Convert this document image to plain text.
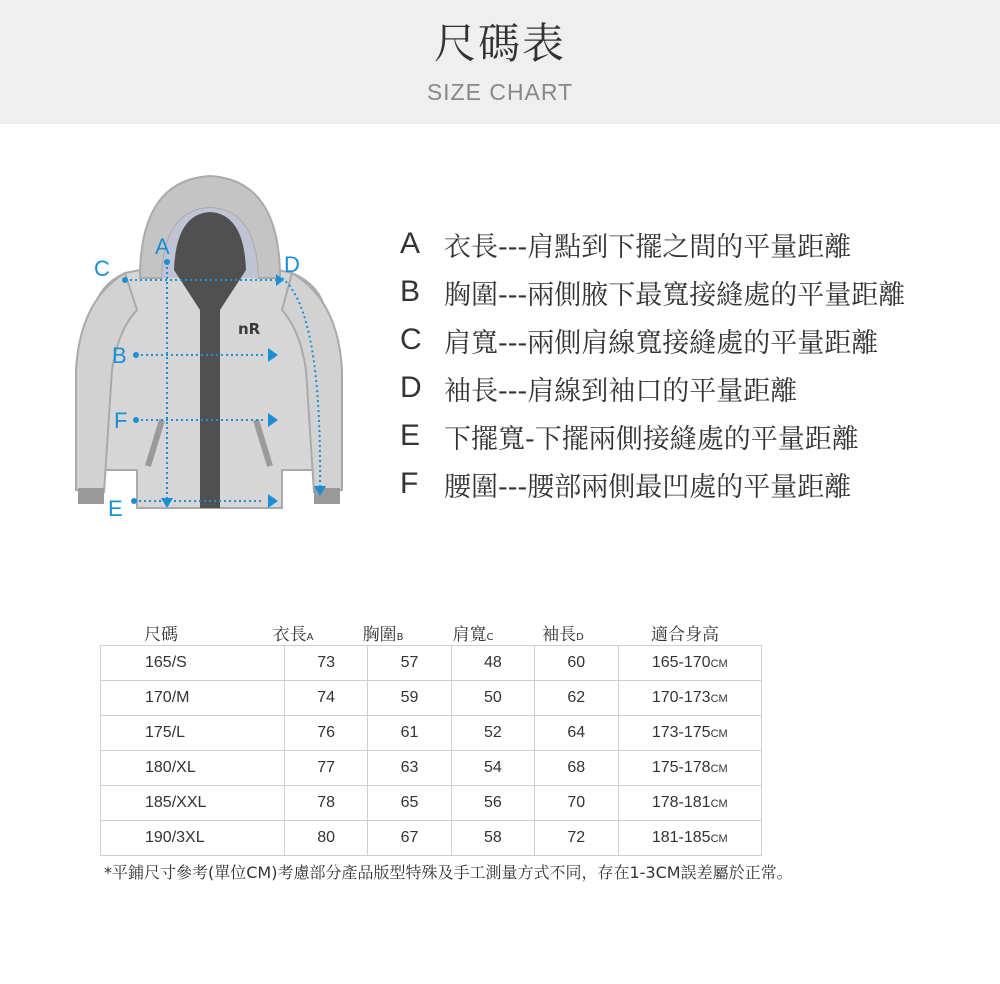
尺碼表
SIZE CHART
nR
A
C	D
B
F
E
A 衣長---肩點到下擺之間的平量距離
B 胸圍---兩側腋下最寬接縫處的平量距離
C 肩寬---兩側肩線寬接縫處的平量距離
D 袖長---肩線到袖口的平量距離
E 下擺寬-下擺兩側接縫處的平量距離
F 腰圍---腰部兩側最凹處的平量距離
尺碼	衣長A	胸圍B	肩寬C	袖長D	適合身高
165/S	73	57	48	60	165-170CM
170/M	74	59	50	62	170-173CM
175/L	76	61	52	64	173-175CM
180/XL	77	63	54	68	175-178CM
185/XXL	78	65	56	70	178-181CM
190/3XL	80	67	58	72	181-185CM
*平鋪尺寸參考(單位CM)考慮部分產品版型特殊及手工測量方式不同，存在1-3CM誤差屬於正常。
